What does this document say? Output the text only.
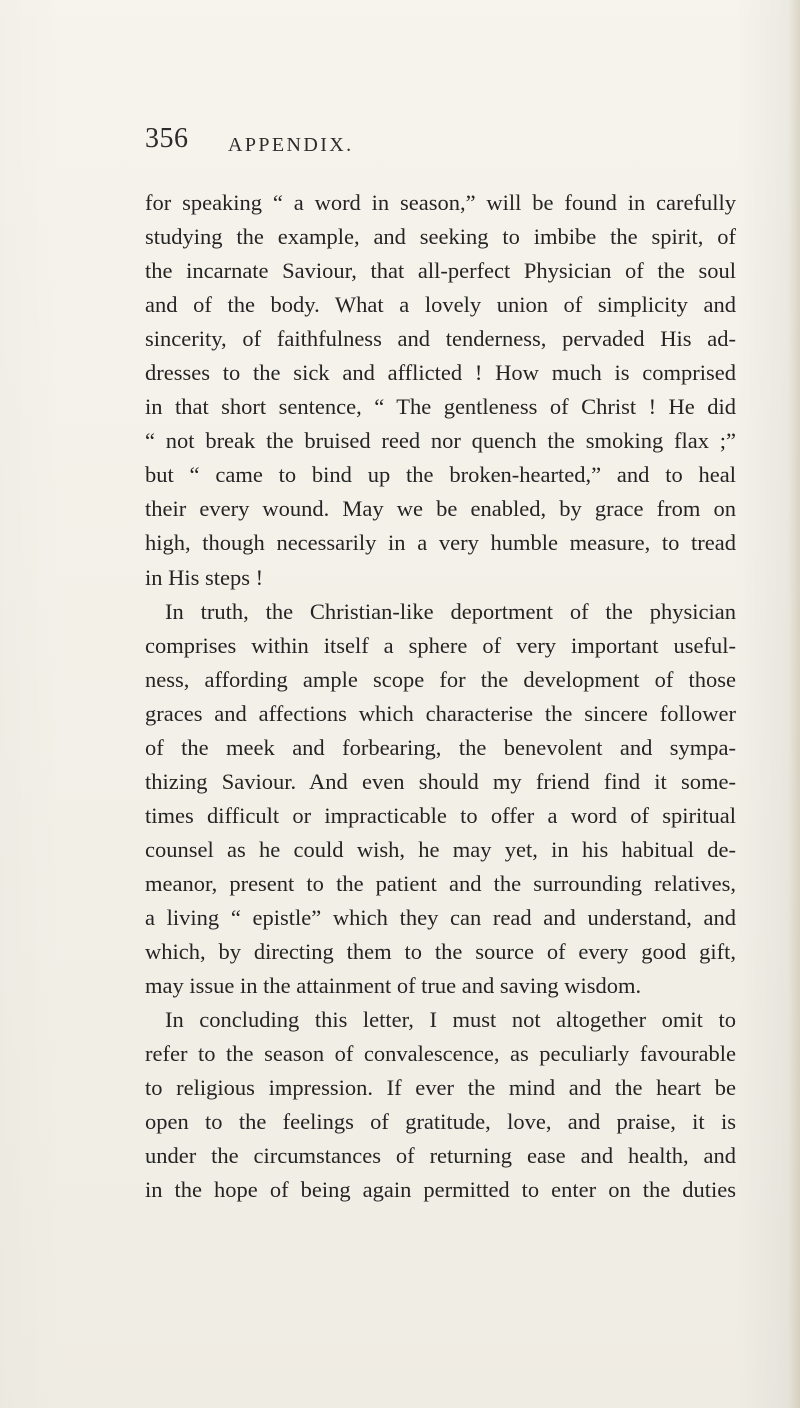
356 APPENDIX.
for speaking “ a word in season,” will be found in carefully
studying the example, and seeking to imbibe the spirit, of
the incarnate Saviour, that all-perfect Physician of the soul
and of the body. What a lovely union of simplicity and
sincerity, of faithfulness and tenderness, pervaded His ad-
dresses to the sick and afflicted ! How much is comprised
in that short sentence, “ The gentleness of Christ ! He did
“ not break the bruised reed nor quench the smoking flax ;”
but “ came to bind up the broken-hearted,” and to heal
their every wound. May we be enabled, by grace from on
high, though necessarily in a very humble measure, to tread
in His steps !
In truth, the Christian-like deportment of the physician
comprises within itself a sphere of very important useful-
ness, affording ample scope for the development of those
graces and affections which characterise the sincere follower
of the meek and forbearing, the benevolent and sympa-
thizing Saviour. And even should my friend find it some-
times difficult or impracticable to offer a word of spiritual
counsel as he could wish, he may yet, in his habitual de-
meanor, present to the patient and the surrounding relatives,
a living “ epistle” which they can read and understand, and
which, by directing them to the source of every good gift,
may issue in the attainment of true and saving wisdom.
In concluding this letter, I must not altogether omit to
refer to the season of convalescence, as peculiarly favourable
to religious impression. If ever the mind and the heart be
open to the feelings of gratitude, love, and praise, it is
under the circumstances of returning ease and health, and
in the hope of being again permitted to enter on the duties
